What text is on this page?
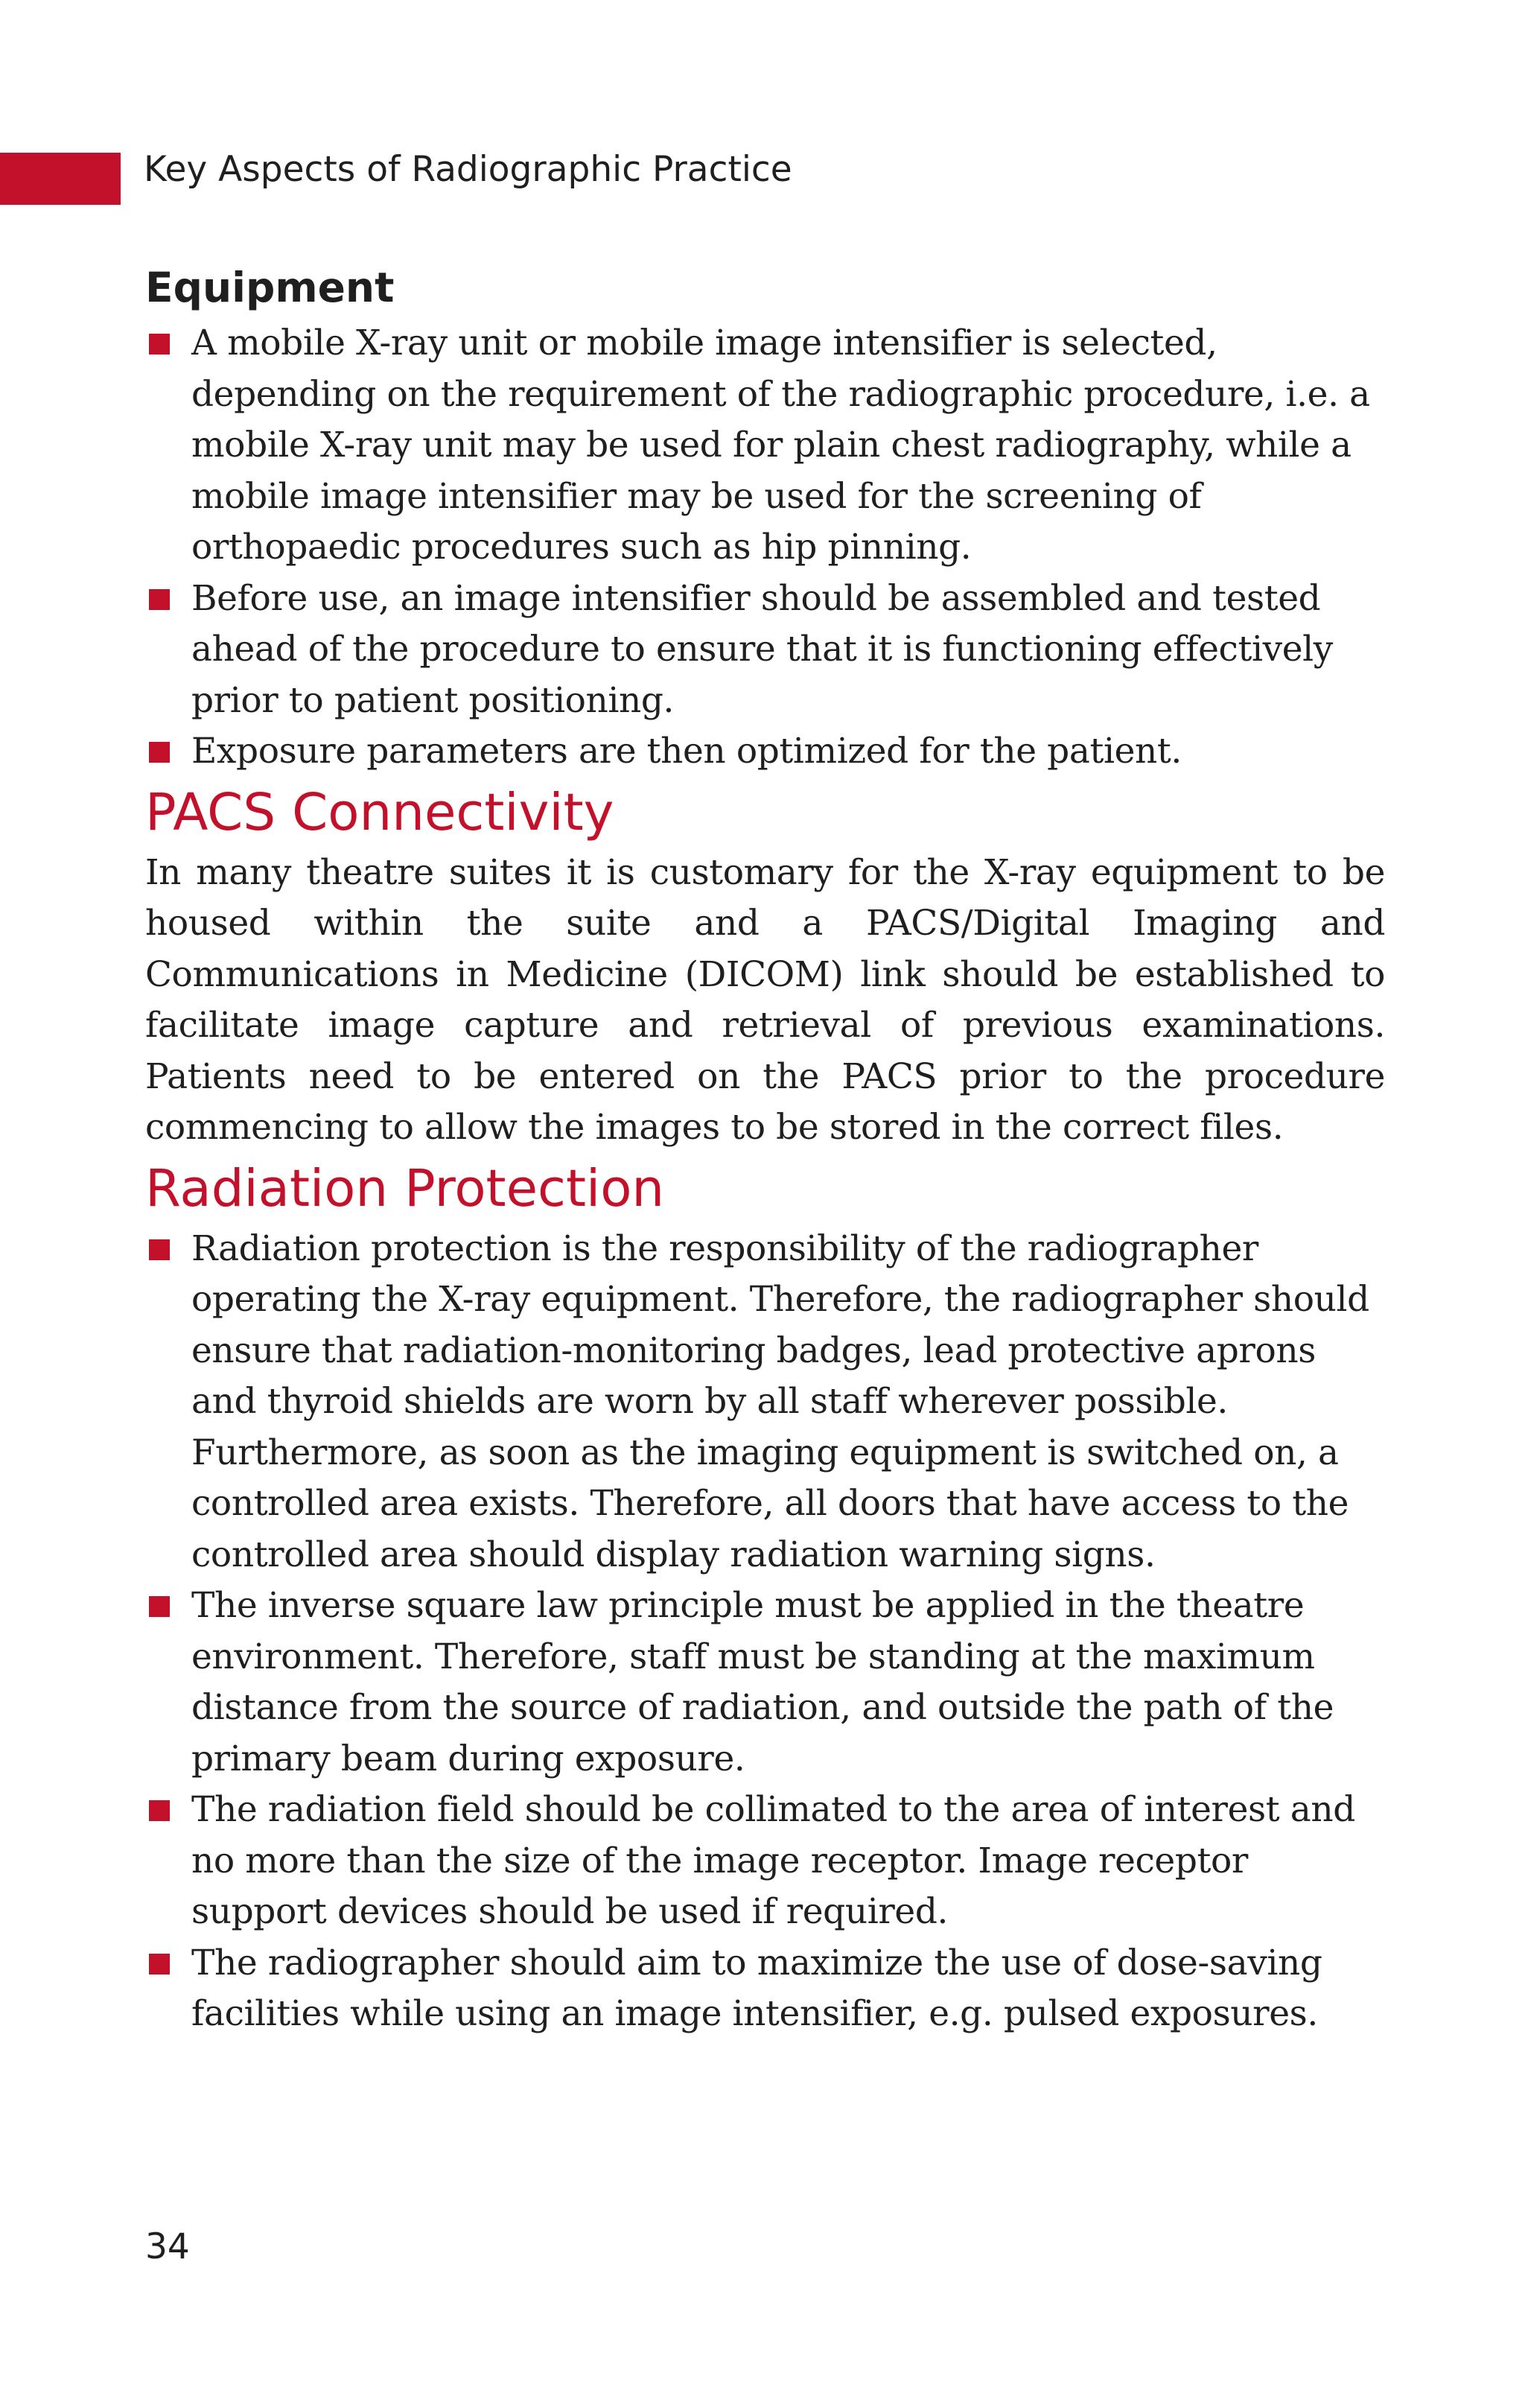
Key Aspects of Radiographic Practice
Equipment
A mobile X-ray unit or mobile image intensifier is selected, depending on the requirement of the radiographic procedure, i.e. a mobile X-ray unit may be used for plain chest radiography, while a mobile image intensifier may be used for the screening of orthopaedic procedures such as hip pinning.
Before use, an image intensifier should be assembled and tested ahead of the procedure to ensure that it is functioning effectively prior to patient positioning.
Exposure parameters are then optimized for the patient.
PACS Connectivity

In many theatre suites it is customary for the X-ray equipment to be housed within the suite and a PACS/Digital Imaging and Communications in Medicine (DICOM) link should be established to facilitate image capture and retrieval of previous examinations. Patients need to be entered on the PACS prior to the procedure commencing to allow the images to be stored in the correct files.

Radiation Protection
Radiation protection is the responsibility of the radiographer operating the X-ray equipment. Therefore, the radiographer should ensure that radiation-monitoring badges, lead protective aprons and thyroid shields are worn by all staff wherever possible. Furthermore, as soon as the imaging equipment is switched on, a controlled area exists. Therefore, all doors that have access to the controlled area should display radiation warning signs.
The inverse square law principle must be applied in the theatre environment. Therefore, staff must be standing at the maximum distance from the source of radiation, and outside the path of the primary beam during exposure.
The radiation field should be collimated to the area of interest and no more than the size of the image receptor. Image receptor support devices should be used if required.
The radiographer should aim to maximize the use of dose-saving facilities while using an image intensifier, e.g. pulsed exposures.
34
